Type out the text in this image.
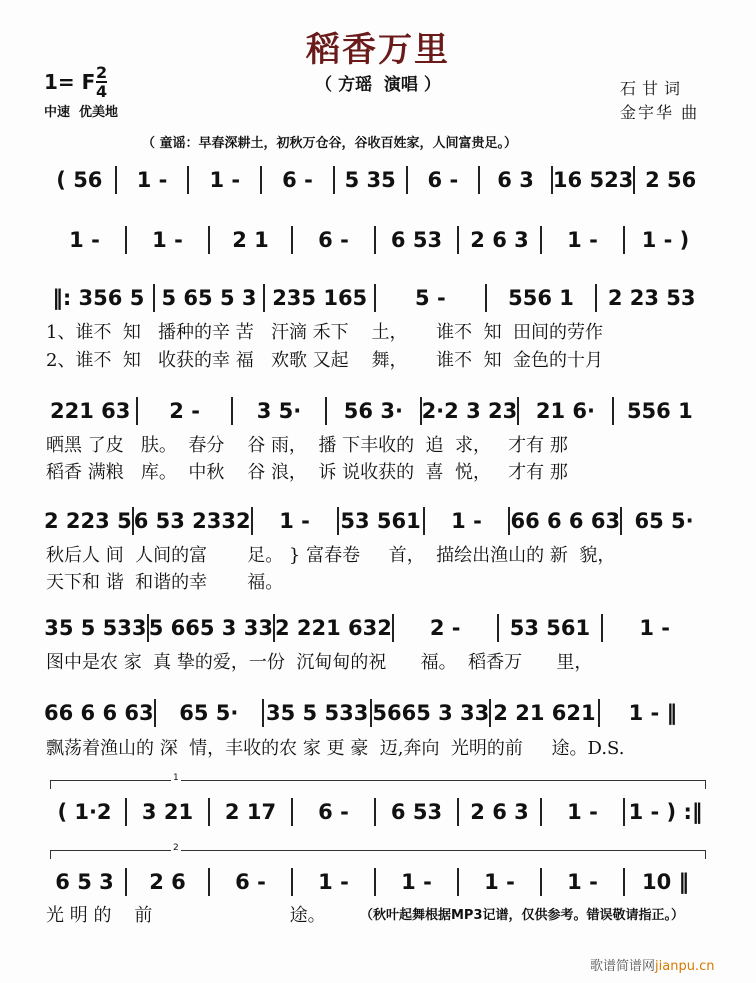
稻香万里
（ 方瑶  演唱 ）
1= F 2
4
中速  优美地
石甘词
金宇华 曲
（ 童谣：早春深耕土，初秋万仓谷，谷收百姓家，人间富贵足。）
( 56	1 -	1 -	6 -	5 35	6 -	6 3 16 523 2 56
1 -	1 -	2 1	6 -	6 53	2 6 3	1 -	1 - )
‖: 356 5 5 65 5 3 235 165	5 -	556 1	2 23 53
1、谁不  知   播种的辛 苦   汗滴 禾下    土，     谁不  知  田间的劳作
2、谁不  知   收获的幸 福   欢歌 又起    舞，     谁不  知  金色的十月
221 63	2 -	3 5·	56 3· 2·2 3 23 21 6·	556 1
晒黑 了皮   肤。  春分    谷 雨，  播 下丰收的  追  求，   才有 那
稻香 满粮   库。  中秋    谷 浪，  诉 说收获的  喜  悦，   才有 那
2 223 5 6 53 2332	1 -	53 561	1 -	66 6 6 63 65 5·
秋后人 间  人间的富       足。 } 富春卷     首，  描绘出渔山的 新  貌，
天下和 谐  和谐的幸       福。
35 5 533 5 665 3 33 2 221 632	2 -	53 561	1 -
图中是农 家  真 挚的爱，一份  沉甸甸的祝      福。  稻香万      里，
66 6 6 63	65 5·	35 5 533 5665 3 33 2 21 621	1 - ‖
飘荡着渔山的 深  情，丰收的农 家 更 豪  迈,奔向  光明的前     途。D.S.
( 1·2	3 21	2 17	6 -	6 53	2 6 3	1 -	1 - ) :‖
6 5 3	2 6	6 -	1 -	1 -	1 -	1 -	10 ‖
光 明 的    前                        途。
1
2
（秋叶起舞根据MP3记谱，仅供参考。错误敬请指正。）
歌谱简谱网jianpu.cn
